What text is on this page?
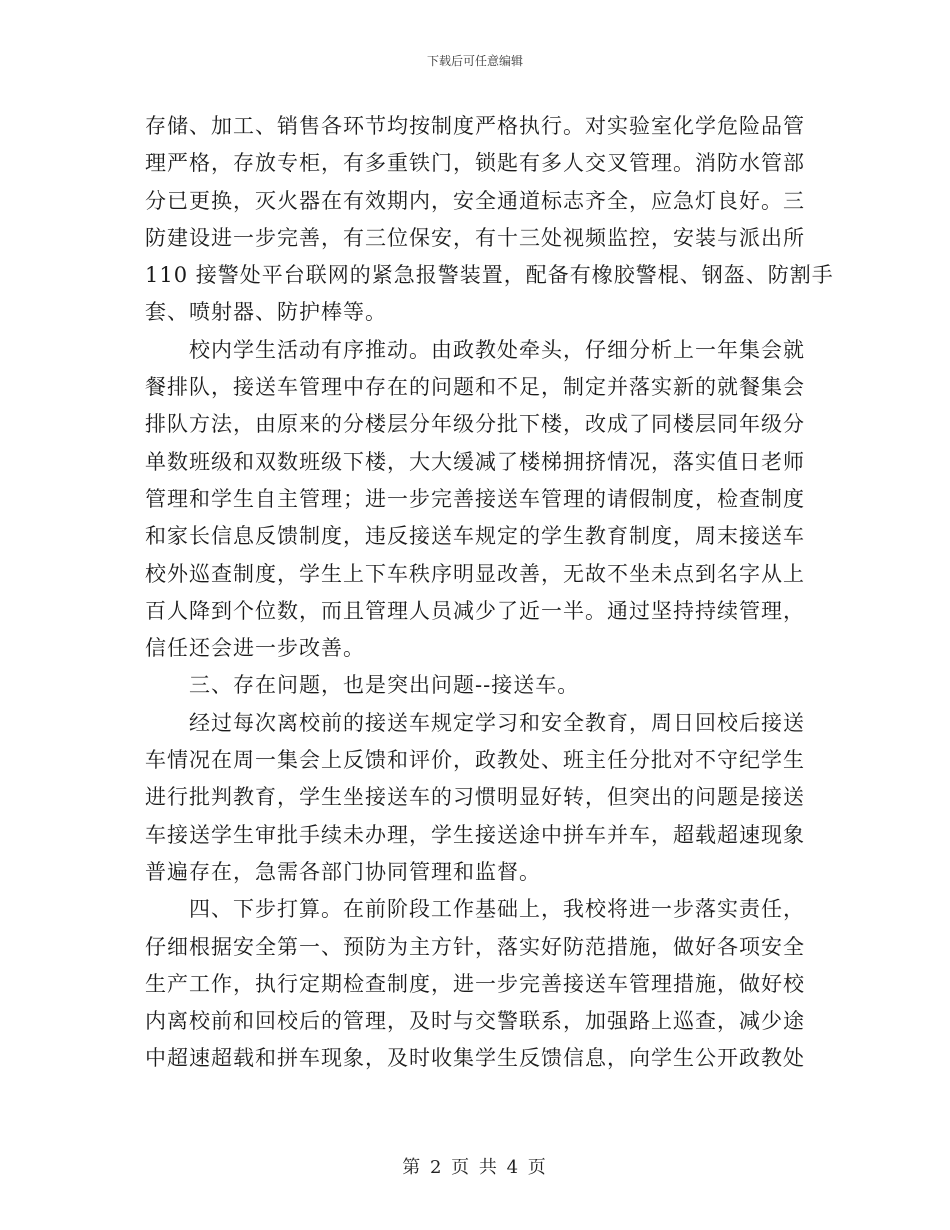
下载后可任意编辑

存储、加工、销售各环节均按制度严格执行。对实验室化学危险品管
理严格，存放专柜，有多重铁门，锁匙有多人交叉管理。消防水管部
分已更换，灭火器在有效期内，安全通道标志齐全，应急灯良好。三
防建设进一步完善，有三位保安，有十三处视频监控，安装与派出所
110 接警处平台联网的紧急报警装置，配备有橡胶警棍、钢盔、防割手
套、喷射器、防护棒等。

　　校内学生活动有序推动。由政教处牵头，仔细分析上一年集会就
餐排队，接送车管理中存在的问题和不足，制定并落实新的就餐集会
排队方法，由原来的分楼层分年级分批下楼，改成了同楼层同年级分
单数班级和双数班级下楼，大大缓减了楼梯拥挤情况，落实值日老师
管理和学生自主管理；进一步完善接送车管理的请假制度，检查制度
和家长信息反馈制度，违反接送车规定的学生教育制度，周末接送车
校外巡查制度，学生上下车秩序明显改善，无故不坐未点到名字从上
百人降到个位数，而且管理人员减少了近一半。通过坚持持续管理，
信任还会进一步改善。

　　三、存在问题，也是突出问题--接送车。

　　经过每次离校前的接送车规定学习和安全教育，周日回校后接送
车情况在周一集会上反馈和评价，政教处、班主任分批对不守纪学生
进行批判教育，学生坐接送车的习惯明显好转，但突出的问题是接送
车接送学生审批手续未办理，学生接送途中拼车并车，超载超速现象
普遍存在，急需各部门协同管理和监督。

　　四、下步打算。在前阶段工作基础上，我校将进一步落实责任，
仔细根据安全第一、预防为主方针，落实好防范措施，做好各项安全
生产工作，执行定期检查制度，进一步完善接送车管理措施，做好校
内离校前和回校后的管理，及时与交警联系，加强路上巡查，减少途
中超速超载和拼车现象，及时收集学生反馈信息，向学生公开政教处

第 2 页 共 4 页
